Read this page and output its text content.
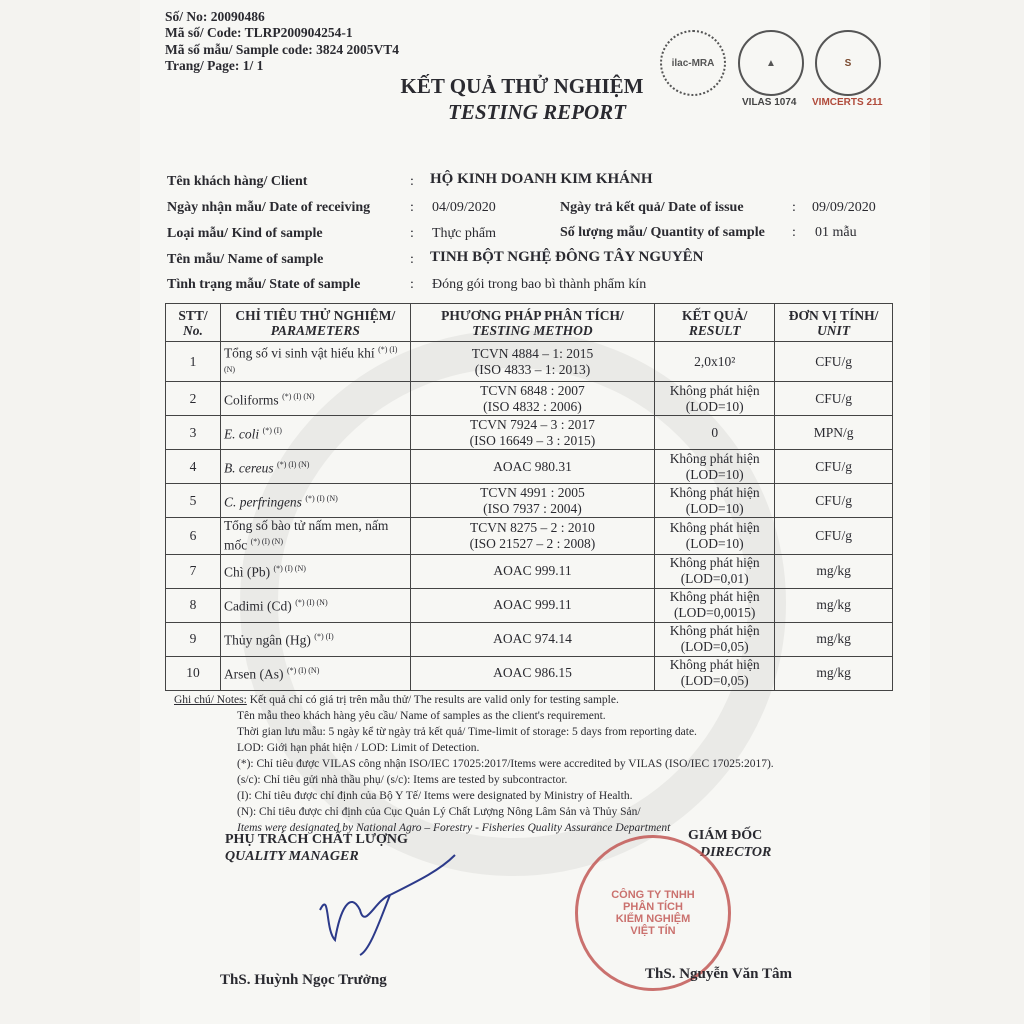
Số/ No: 20090486
Mã số/ Code: TLRP200904254-1
Mã số mẫu/ Sample code: 3824 2005VT4
Trang/ Page: 1/ 1
KẾT QUẢ THỬ NGHIỆM
TESTING REPORT
ilac-MRA	▲	S
VILAS 1074 VIMCERTS 211
Tên khách hàng/ Client	: HỘ KINH DOANH KIM KHÁNH
Ngày nhận mẫu/ Date of receiving	: 04/09/2020	Ngày trả kết quả/ Date of issue	: 09/09/2020
Loại mẫu/ Kind of sample	: Thực phẩm	Số lượng mẫu/ Quantity of sample : 01 mẫu
Tên mẫu/ Name of sample	: TINH BỘT NGHỆ ĐÔNG TÂY NGUYÊN
Tình trạng mẫu/ State of sample	: Đóng gói trong bao bì thành phẩm kín
STT/
No.	CHỈ TIÊU THỬ NGHIỆM/
PARAMETERS	PHƯƠNG PHÁP PHÂN TÍCH/
TESTING METHOD	KẾT QUẢ/
RESULT	ĐƠN VỊ TÍNH/
UNIT
1	Tổng số vi sinh vật hiếu khí $^{(*) (I) (N)}$	TCVN 4884 – 1: 2015
(ISO 4833 – 1: 2013)	2,0x10²	CFU/g
2	Coliforms $^{(*) (I) (N)}$	TCVN 6848 : 2007
(ISO 4832 : 2006)	Không phát hiện
(LOD=10)	CFU/g
3	E. coli $^{(*) (I)}$	TCVN 7924 – 3 : 2017
(ISO 16649 – 3 : 2015)	0	MPN/g
4	B. cereus $^{(*) (I) (N)}$	AOAC 980.31	Không phát hiện
(LOD=10)	CFU/g
5	C. perfringens $^{(*) (I) (N)}$	TCVN 4991 : 2005
(ISO 7937 : 2004)	Không phát hiện
(LOD=10)	CFU/g
6	Tổng số bào tử nấm men, nấm mốc $^{(*) (I) (N)}$	TCVN 8275 – 2 : 2010
(ISO 21527 – 2 : 2008)	Không phát hiện
(LOD=10)	CFU/g
7	Chì (Pb) $^{(*) (I) (N)}$	AOAC 999.11	Không phát hiện
(LOD=0,01)	mg/kg
8	Cadimi (Cd) $^{(*) (I) (N)}$	AOAC 999.11	Không phát hiện
(LOD=0,0015)	mg/kg
9	Thủy ngân (Hg) $^{(*) (I)}$	AOAC 974.14	Không phát hiện
(LOD=0,05)	mg/kg
10	Arsen (As) $^{(*) (I) (N)}$	AOAC 986.15	Không phát hiện
(LOD=0,05)	mg/kg
Ghi chú/ Notes: Kết quả chỉ có giá trị trên mẫu thử/ The results are valid only for testing sample.
Tên mẫu theo khách hàng yêu cầu/ Name of samples as the client's requirement.
Thời gian lưu mẫu: 5 ngày kể từ ngày trả kết quả/ Time-limit of storage: 5 days from reporting date.
LOD: Giới hạn phát hiện / LOD: Limit of Detection.
(*): Chỉ tiêu được VILAS công nhận ISO/IEC 17025:2017/Items were accredited by VILAS (ISO/IEC 17025:2017).
(s/c): Chỉ tiêu gửi nhà thầu phụ/ (s/c): Items are tested by subcontractor.
(I): Chỉ tiêu được chỉ định của Bộ Y Tế/ Items were designated by Ministry of Health.
(N): Chỉ tiêu được chỉ định của Cục Quản Lý Chất Lượng Nông Lâm Sản và Thủy Sản/
Items were designated by National Agro – Forestry - Fisheries Quality Assurance Department
PHỤ TRÁCH CHẤT LƯỢNG
QUALITY MANAGER
ThS. Huỳnh Ngọc Trưởng
GIÁM ĐỐC
DIRECTOR
CÔNG TY TNHH PHÂN TÍCH KIỂM NGHIỆM VIỆT TÍN
ThS. Nguyễn Văn Tâm
